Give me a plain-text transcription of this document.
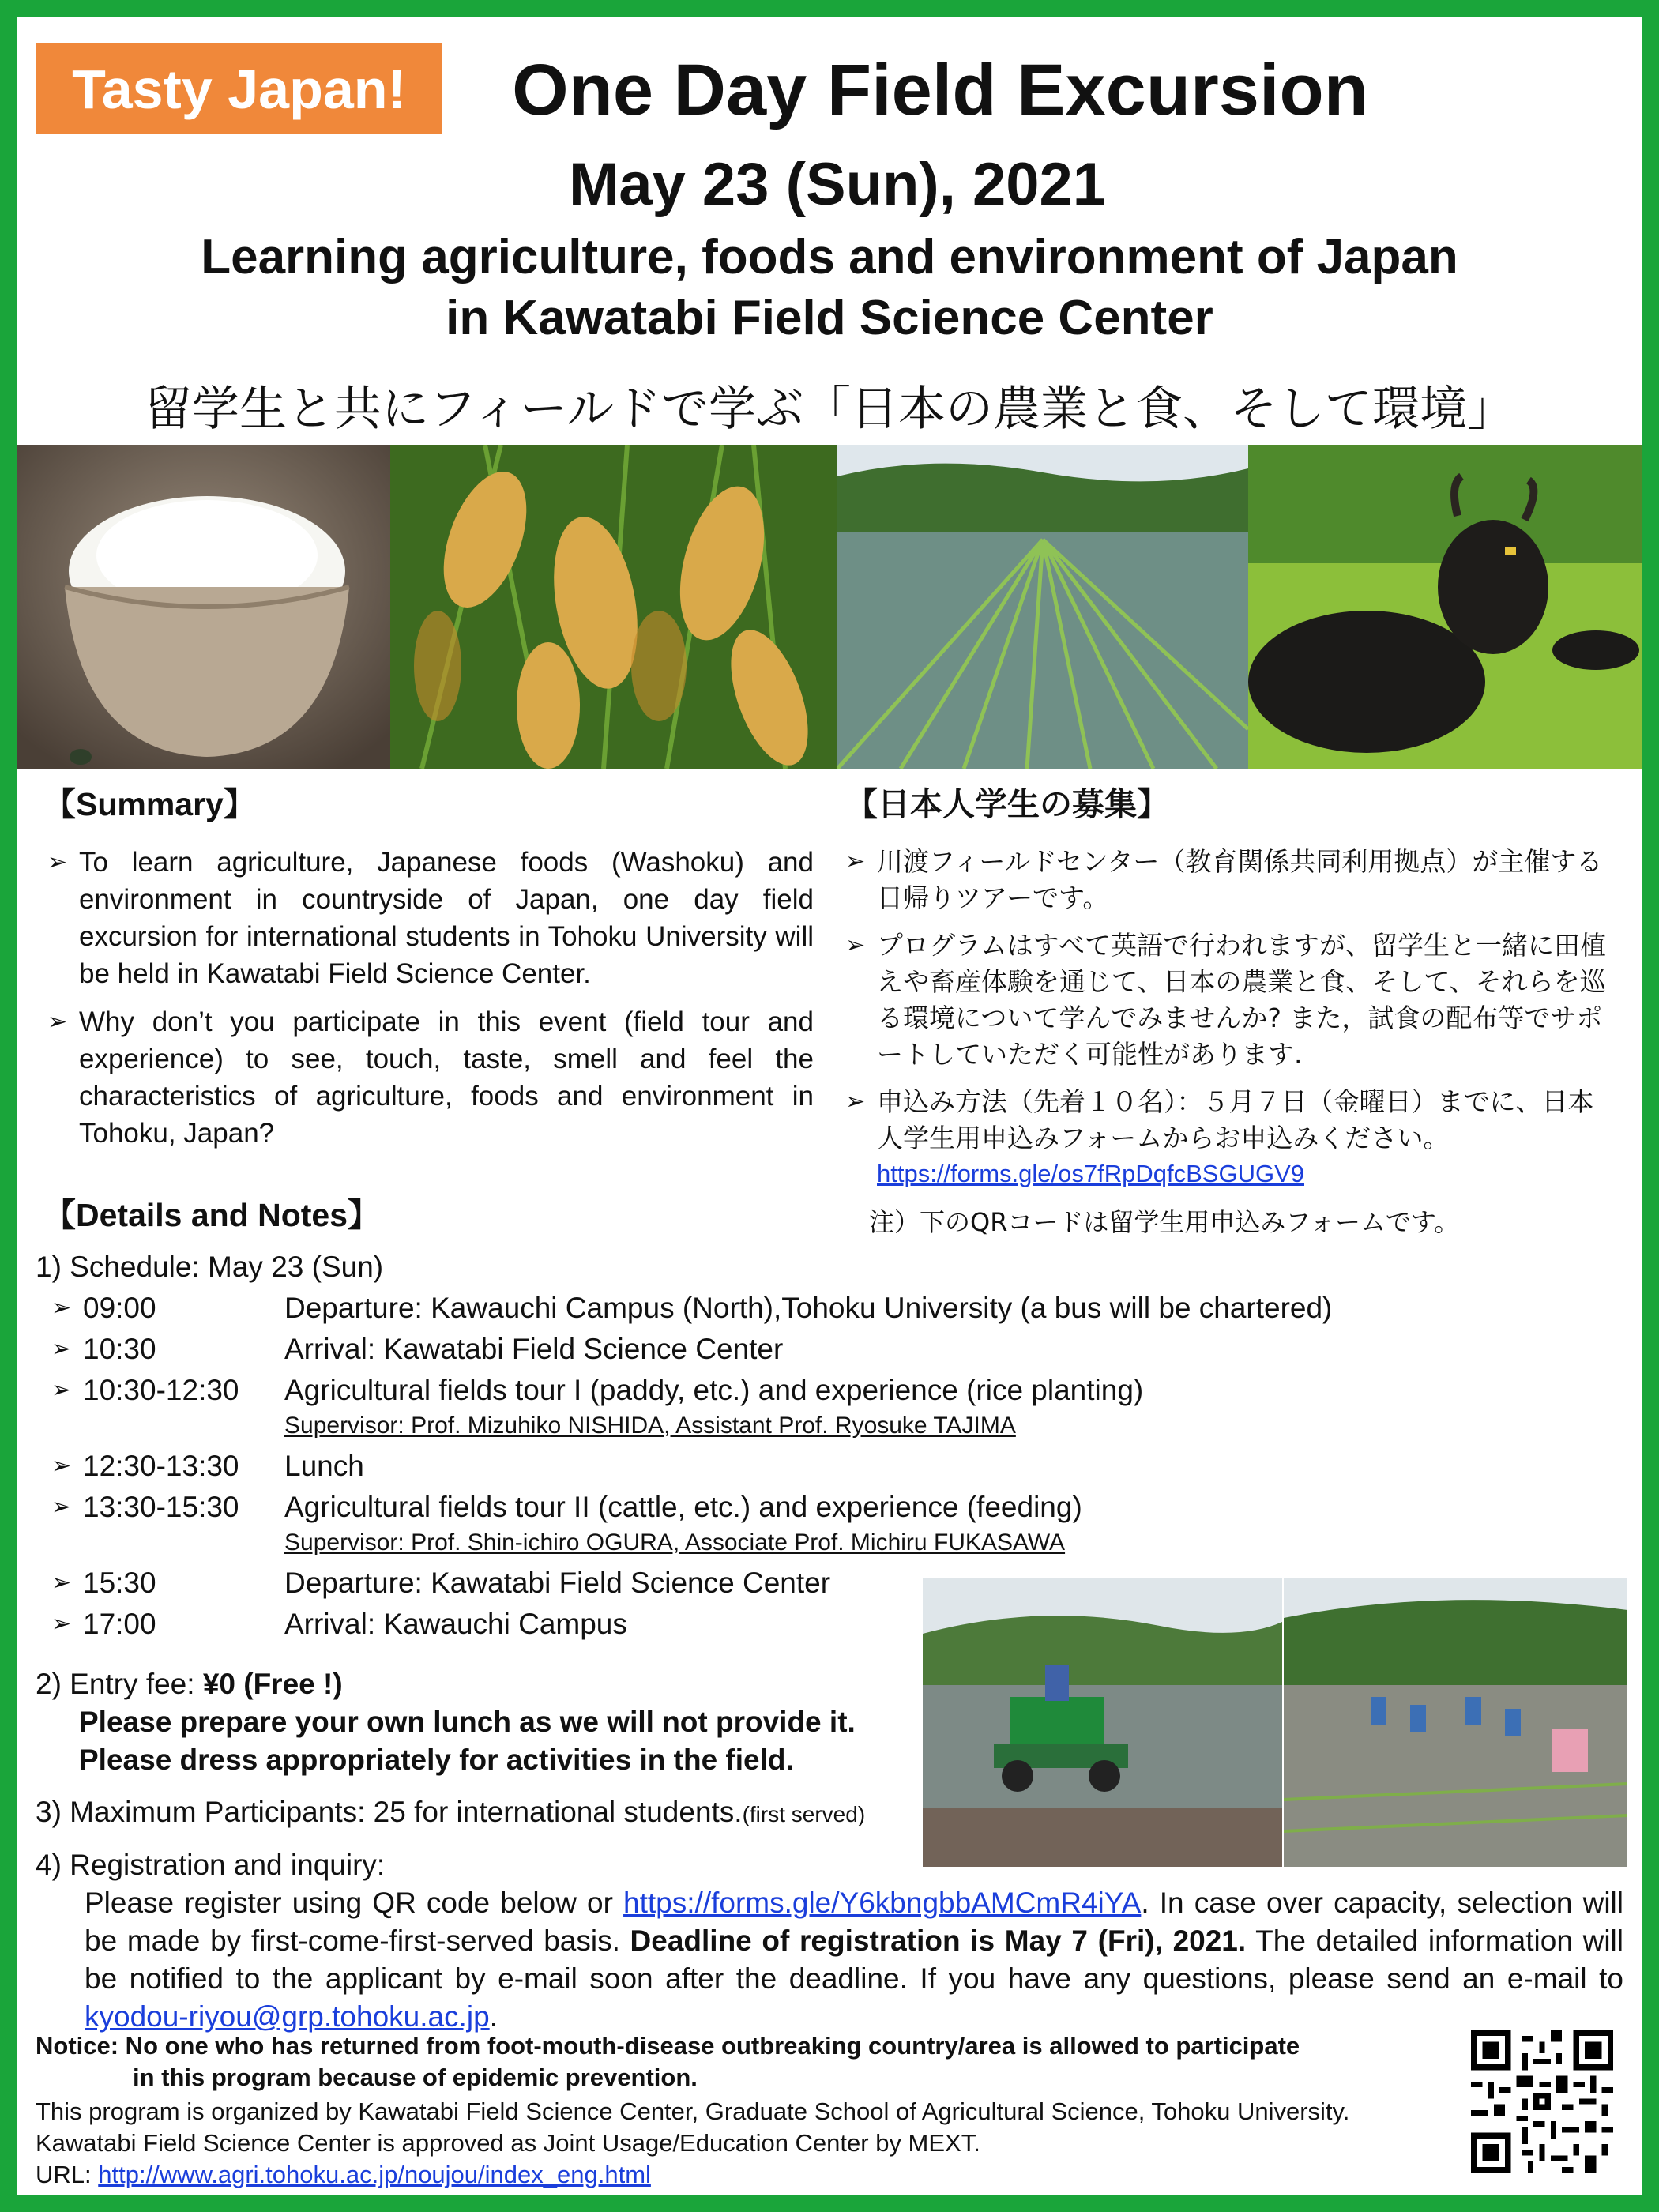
Tasty Japan!	One Day Field Excursion
May 23 (Sun), 2021
Learning agriculture, foods and environment of Japan
in Kawatabi Field Science Center
留学生と共にフィールドで学ぶ「日本の農業と食、そして環境」
【Summary】
➢ To learn agriculture, Japanese foods (Washoku) and environment in countryside of Japan, one day field excursion for international students in Tohoku University will be held in Kawatabi Field Science Center.
➢ Why don’t you participate in this event (field tour and experience) to see, touch, taste, smell and feel the characteristics of agriculture, foods and environment in Tohoku, Japan?
【日本人学生の募集】
➢ 川渡フィールドセンター（教育関係共同利用拠点）が主催する日帰りツアーです。
➢ プログラムはすべて英語で行われますが、留学生と一緒に田植えや畜産体験を通じて、日本の農業と食、そして、それらを巡る環境について学んでみませんか? また，試食の配布等でサポートしていただく可能性があります.
➢ 申込み方法（先着１０名）：５月７日（金曜日）までに、日本人学生用申込みフォームからお申込みください。
https://forms.gle/os7fRpDqfcBSGUGV9
注）下のQRコードは留学生用申込みフォームです。
【Details and Notes】
1) Schedule: May 23 (Sun)
➢ 09:00	Departure: Kawauchi Campus (North),Tohoku University (a bus will be chartered)
➢ 10:30	Arrival: Kawatabi Field Science Center
➢ 10:30-12:30 Agricultural fields tour I (paddy, etc.) and experience (rice planting)
Supervisor: Prof. Mizuhiko NISHIDA, Assistant Prof. Ryosuke TAJIMA
➢ 12:30-13:30 Lunch
➢ 13:30-15:30 Agricultural fields tour II (cattle, etc.) and experience (feeding)
Supervisor: Prof. Shin-ichiro OGURA, Associate Prof. Michiru FUKASAWA
➢ 15:30	Departure: Kawatabi Field Science Center
➢ 17:00	Arrival: Kawauchi Campus
2) Entry fee: ¥0 (Free !)
Please prepare your own lunch as we will not provide it.
Please dress appropriately for activities in the field.
3) Maximum Participants: 25 for international students.(first served)
4) Registration and inquiry:
Please register using QR code below or https://forms.gle/Y6kbngbbAMCmR4iYA. In case over capacity, selection will be made by first-come-first-served basis. Deadline of registration is May 7 (Fri), 2021. The detailed information will be notified to the applicant by e-mail soon after the deadline. If you have any questions, please send an e-mail to kyodou-riyou@grp.tohoku.ac.jp.
Notice: No one who has returned from foot-mouth-disease outbreaking country/area is allowed to participate
in this program because of epidemic prevention.
This program is organized by Kawatabi Field Science Center, Graduate School of Agricultural Science, Tohoku University.
Kawatabi Field Science Center is approved as Joint Usage/Education Center by MEXT.
URL: http://www.agri.tohoku.ac.jp/noujou/index_eng.html
